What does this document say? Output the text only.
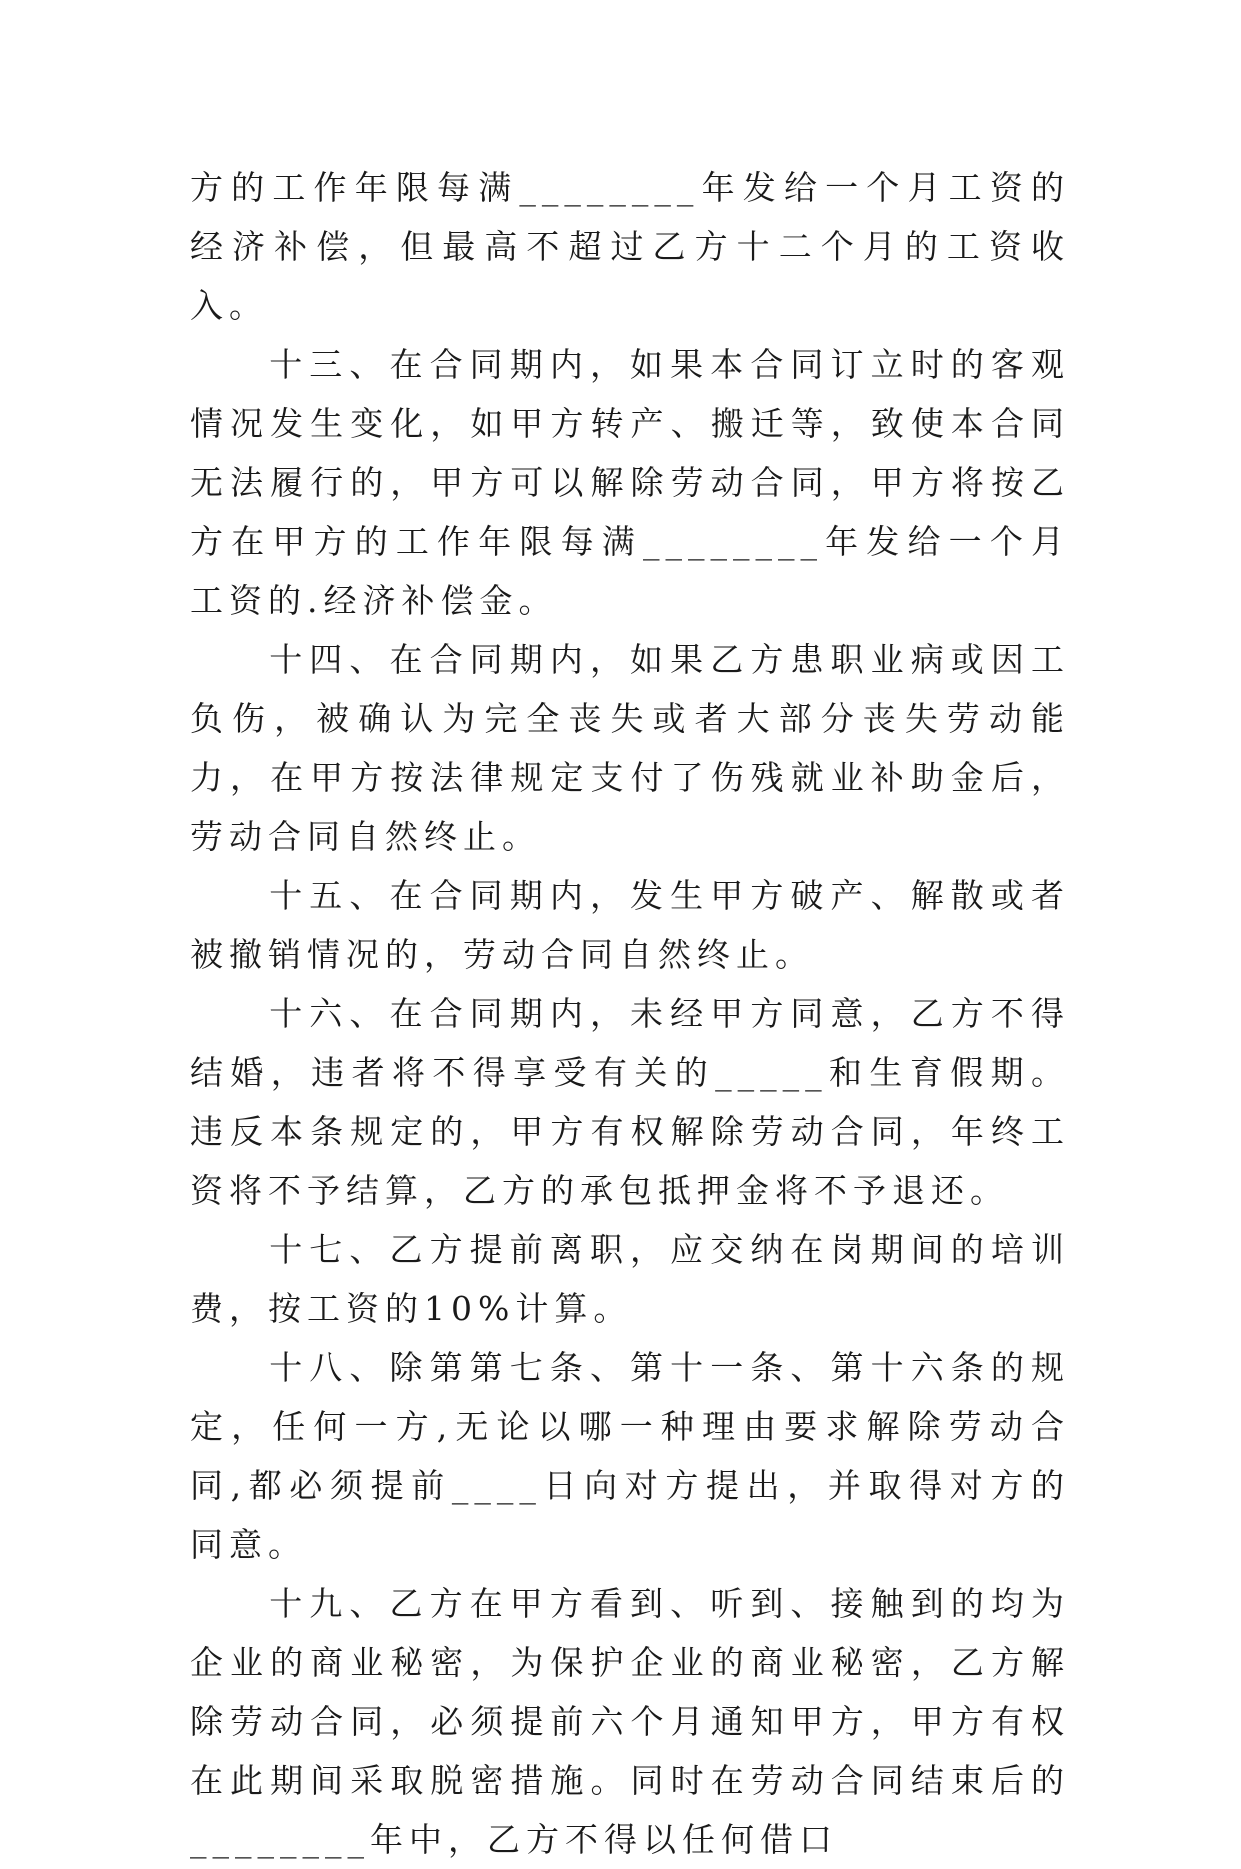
方的工作年限每满________年发给一个月工资的经济补偿，但最高不超过乙方十二个月的工资收入。

十三、在合同期内，如果本合同订立时的客观情况发生变化，如甲方转产、搬迁等，致使本合同无法履行的，甲方可以解除劳动合同，甲方将按乙方在甲方的工作年限每满________年发给一个月工资的.经济补偿金。

十四、在合同期内，如果乙方患职业病或因工负伤，被确认为完全丧失或者大部分丧失劳动能力，在甲方按法律规定支付了伤残就业补助金后，劳动合同自然终止。

十五、在合同期内，发生甲方破产、解散或者被撤销情况的，劳动合同自然终止。

十六、在合同期内，未经甲方同意，乙方不得结婚，违者将不得享受有关的_____和生育假期。违反本条规定的，甲方有权解除劳动合同，年终工资将不予结算，乙方的承包抵押金将不予退还。

十七、乙方提前离职，应交纳在岗期间的培训费，按工资的10%计算。

十八、除第第七条、第十一条、第十六条的规定，任何一方,无论以哪一种理由要求解除劳动合同,都必须提前____日向对方提出，并取得对方的同意。

十九、乙方在甲方看到、听到、接触到的均为企业的商业秘密，为保护企业的商业秘密，乙方解除劳动合同，必须提前六个月通知甲方，甲方有权在此期间采取脱密措施。同时在劳动合同结束后的________年中，乙方不得以任何借口
